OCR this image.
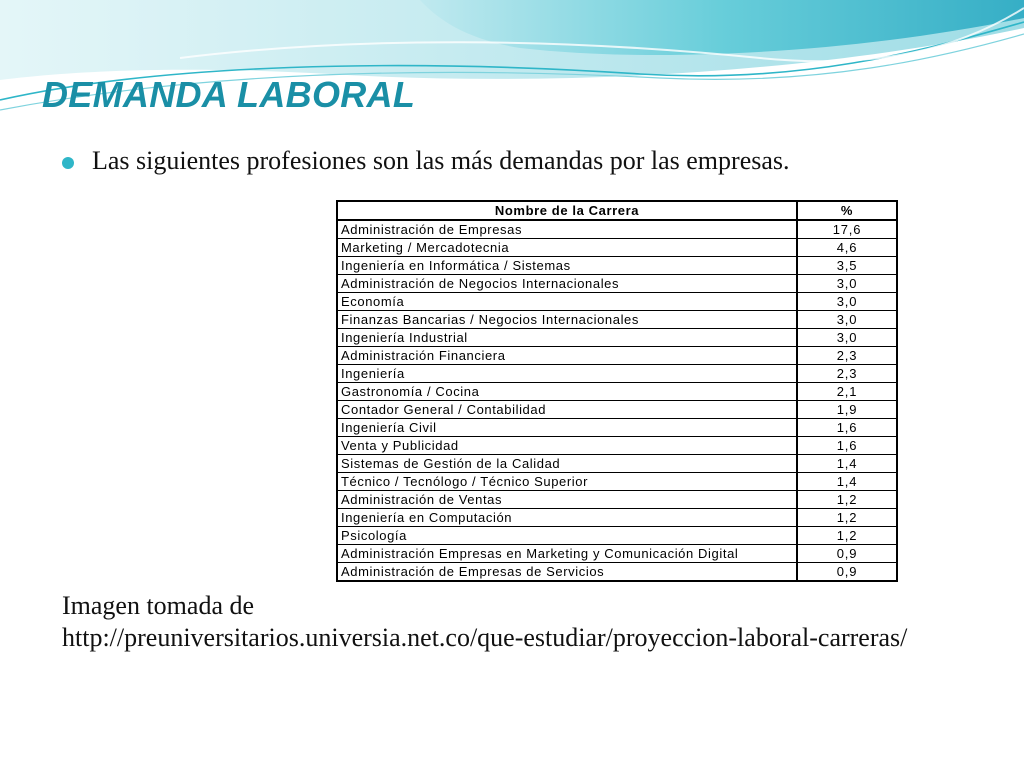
DEMANDA LABORAL
Las siguientes profesiones son las más demandas por las empresas.
Nombre de la Carrera	%
Administración de Empresas	17,6
Marketing / Mercadotecnia	4,6
Ingeniería en Informática / Sistemas	3,5
Administración de Negocios Internacionales	3,0
Economía	3,0
Finanzas Bancarias / Negocios Internacionales	3,0
Ingeniería Industrial	3,0
Administración Financiera	2,3
Ingeniería	2,3
Gastronomía / Cocina	2,1
Contador General / Contabilidad	1,9
Ingeniería Civil	1,6
Venta y Publicidad	1,6
Sistemas de Gestión de la Calidad	1,4
Técnico / Tecnólogo / Técnico Superior	1,4
Administración de Ventas	1,2
Ingeniería en Computación	1,2
Psicología	1,2
Administración Empresas en Marketing y Comunicación Digital	0,9
Administración de Empresas de Servicios	0,9
Imagen tomada de
http://preuniversitarios.universia.net.co/que-estudiar/proyeccion-laboral-carreras/
